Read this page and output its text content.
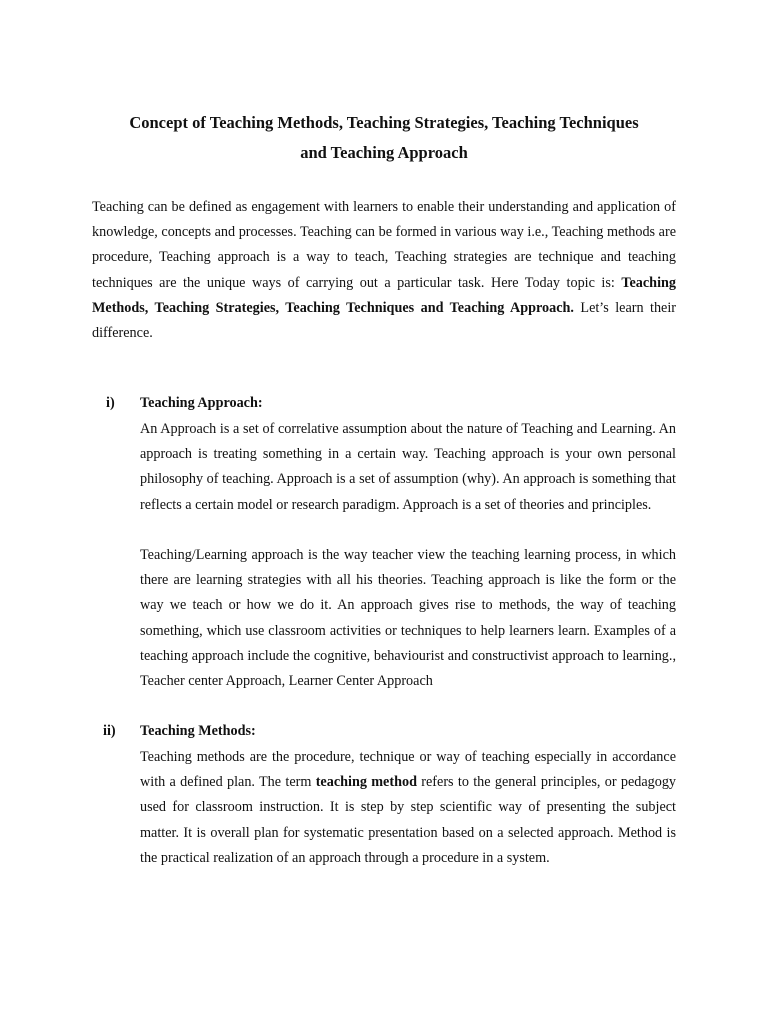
Concept of Teaching Methods, Teaching Strategies, Teaching Techniques
and Teaching Approach

Teaching can be defined as engagement with learners to enable their understanding and application of knowledge, concepts and processes. Teaching can be formed in various way i.e., Teaching methods are procedure, Teaching approach is a way to teach, Teaching strategies are technique and teaching techniques are the unique ways of carrying out a particular task. Here Today topic is: Teaching Methods, Teaching Strategies, Teaching Techniques and Teaching Approach. Let’s learn their difference.

i)	Teaching Approach:

An Approach is a set of correlative assumption about the nature of Teaching and Learning. An approach is treating something in a certain way. Teaching approach is your own personal philosophy of teaching. Approach is a set of assumption (why). An approach is something that reflects a certain model or research paradigm. Approach is a set of theories and principles.

Teaching/Learning approach is the way teacher view the teaching learning process, in which there are learning strategies with all his theories. Teaching approach is like the form or the way we teach or how we do it. An approach gives rise to methods, the way of teaching something, which use classroom activities or techniques to help learners learn. Examples of a teaching approach include the cognitive, behaviourist and constructivist approach to learning., Teacher center Approach, Learner Center Approach

ii)	Teaching Methods:

Teaching methods are the procedure, technique or way of teaching especially in accordance with a defined plan. The term teaching method refers to the general principles, or pedagogy used for classroom instruction. It is step by step scientific way of presenting the subject matter. It is overall plan for systematic presentation based on a selected approach. Method is the practical realization of an approach through a procedure in a system.
